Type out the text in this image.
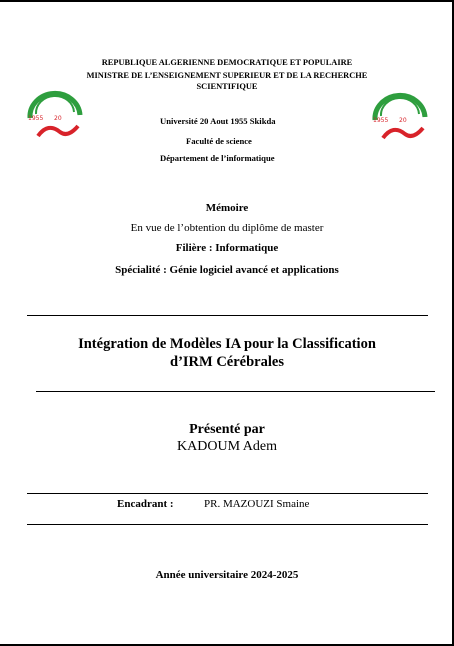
REPUBLIQUE ALGERIENNE DEMOCRATIQUE ET POPULAIRE
MINISTRE DE L’ENSEIGNEMENT SUPERIEUR ET DE LA RECHERCHE
SCIENTIFIQUE
1955 20	1955 20
Université 20 Aout 1955 Skikda
Faculté de science
Département de l’informatique
Mémoire
En vue de l’obtention du diplôme de master
Filière : Informatique
Spécialité : Génie logiciel avancé et applications
Intégration de Modèles IA pour la Classification
d’IRM Cérébrales
Présenté par
KADOUM Adem
Encadrant :	PR. MAZOUZI Smaine
Année universitaire 2024-2025
